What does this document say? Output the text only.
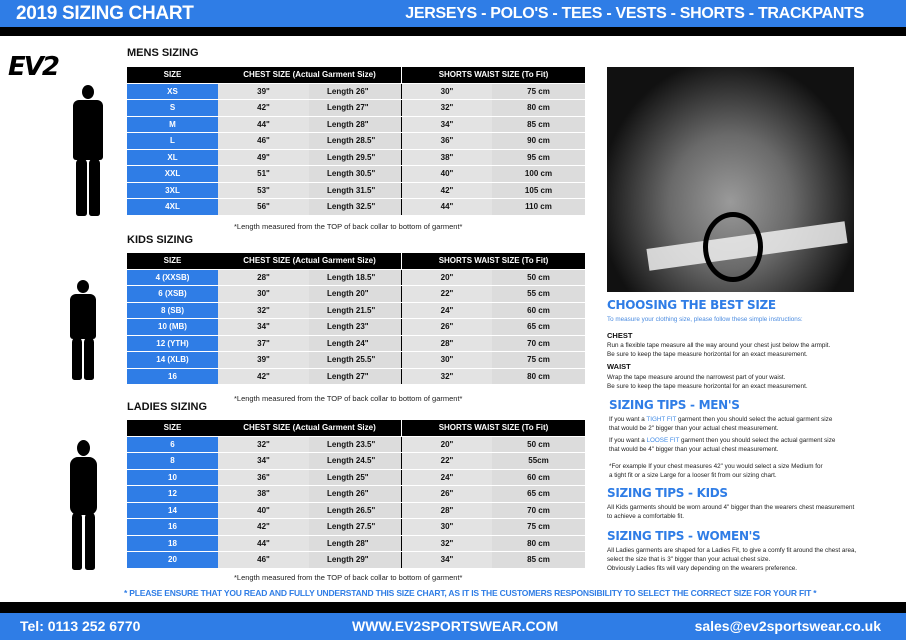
2019 SIZING CHART	JERSEYS - POLO'S - TEES - VESTS - SHORTS - TRACKPANTS
EV2	MENS SIZING
SIZE	CHEST SIZE (Actual Garment Size)	SHORTS WAIST SIZE (To Fit)
XS	39"	Length 26"	30"	75 cm
S	42"	Length 27"	32"	80 cm
M	44"	Length 28"	34"	85 cm
L	46"	Length 28.5"	36"	90 cm
XL	49"	Length 29.5"	38"	95 cm
XXL	51"	Length 30.5"	40"	100 cm
3XL	53"	Length 31.5"	42"	105 cm
4XL	56"	Length 32.5"	44"	110 cm
*Length measured from the TOP of back collar to bottom of garment*
KIDS SIZING
SIZE	CHEST SIZE (Actual Garment Size)	SHORTS WAIST SIZE (To Fit)
4 (XXSB)	28"	Length 18.5"	20"	50 cm
6 (XSB)	30"	Length 20"	22"	55 cm
8 (SB)	32"	Length 21.5"	24"	60 cm
10 (MB)	34"	Length 23"	26"	65 cm
12 (YTH)	37"	Length 24"	28"	70 cm
14 (XLB)	39"	Length 25.5"	30"	75 cm
16	42"	Length 27"	32"	80 cm
*Length measured from the TOP of back collar to bottom of garment*
LADIES SIZING
SIZE	CHEST SIZE (Actual Garment Size)	SHORTS WAIST SIZE (To Fit)
6	32"	Length 23.5"	20"	50 cm
8	34"	Length 24.5"	22"	55cm
10	36"	Length 25"	24"	60 cm
12	38"	Length 26"	26"	65 cm
14	40"	Length 26.5"	28"	70 cm
16	42"	Length 27.5"	30"	75 cm
18	44"	Length 28"	32"	80 cm
20	46"	Length 29"	34"	85 cm
*Length measured from the TOP of back collar to bottom of garment*
CHOOSING THE BEST SIZE
To measure your clothing size, please follow these simple instructions:
CHEST
Run a flexible tape measure all the way around your chest just below the armpit.
Be sure to keep the tape measure horizontal for an exact measurement.
WAIST
Wrap the tape measure around the narrowest part of your waist.
Be sure to keep the tape measure horizontal for an exact measurement.
SIZING TIPS - MEN'S
If you want a TIGHT FIT garment then you should select the actual garment size
that would be 2" bigger than your actual chest measurement.
If you want a LOOSE FIT garment then you should select the actual garment size
that would be 4" bigger than your actual chest measurement.
*For example If your chest measures 42" you would select a size Medium for
a tight fit or a size Large for a looser fit from our sizing chart.
SIZING TIPS - KIDS
All Kids garments should be worn around 4" bigger than the wearers chest measurement
to achieve a comfortable fit.
SIZING TIPS - WOMEN'S
All Ladies garments are shaped for a Ladies Fit, to give a comfy fit around the chest area,
select the size that is 3" bigger than your actual chest size.
Obviously Ladies fits will vary depending on the wearers preference.
* PLEASE ENSURE THAT YOU READ AND FULLY UNDERSTAND THIS SIZE CHART, AS IT IS THE CUSTOMERS RESPONSIBILITY TO SELECT THE CORRECT SIZE FOR YOUR FIT *
Tel: 0113 252 6770	WWW.EV2SPORTSWEAR.COM	sales@ev2sportswear.co.uk
